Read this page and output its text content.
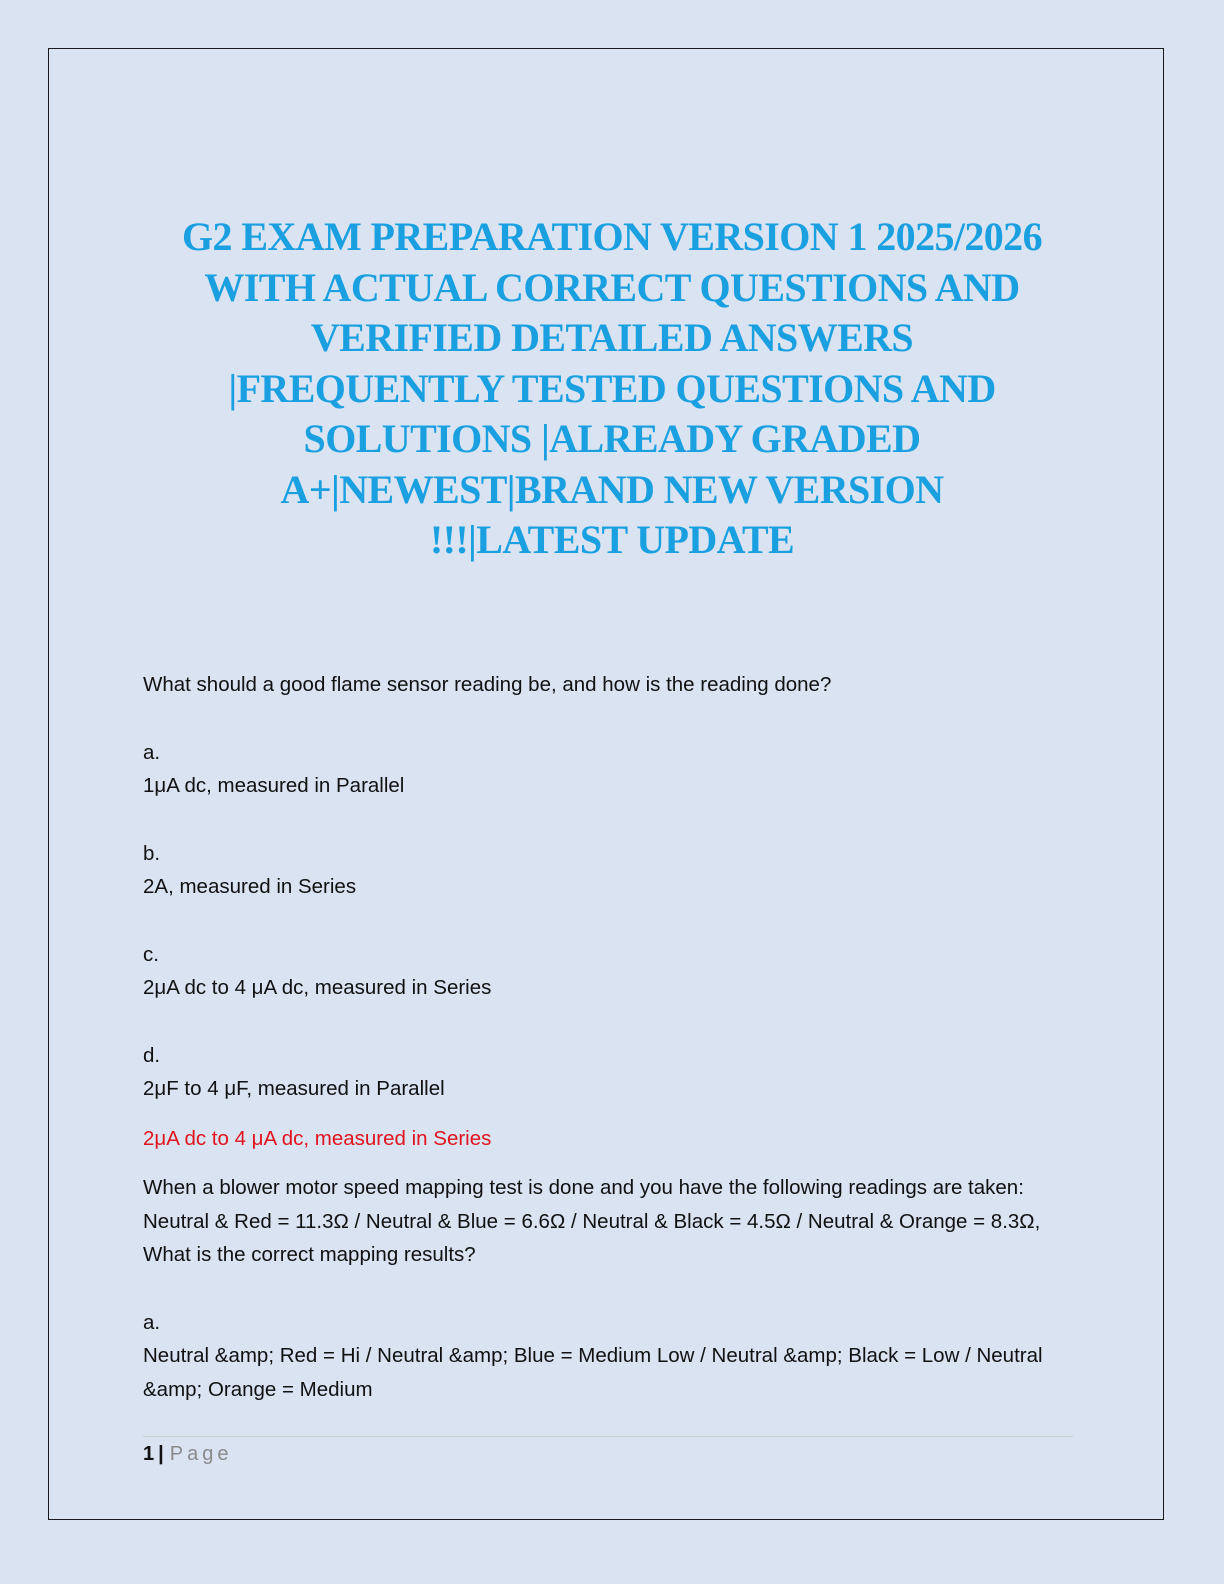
G2 EXAM PREPARATION VERSION 1 2025/2026
WITH ACTUAL CORRECT QUESTIONS AND
VERIFIED DETAILED ANSWERS
|FREQUENTLY TESTED QUESTIONS AND
SOLUTIONS |ALREADY GRADED
A+|NEWEST|BRAND NEW VERSION
!!!|LATEST UPDATE

What should a good flame sensor reading be, and how is the reading done?

a.

1μA dc, measured in Parallel

b.

2A, measured in Series

c.

2μA dc to 4 μA dc, measured in Series

d.

2μF to 4 μF, measured in Parallel

2μA dc to 4 μA dc, measured in Series

When a blower motor speed mapping test is done and you have the following readings are taken: Neutral & Red = 11.3Ω / Neutral & Blue = 6.6Ω / Neutral & Black = 4.5Ω / Neutral & Orange = 8.3Ω, What is the correct mapping results?

a.

Neutral &amp; Red = Hi / Neutral &amp; Blue = Medium Low / Neutral &amp; Black = Low / Neutral &amp; Orange = Medium

1 | Page
